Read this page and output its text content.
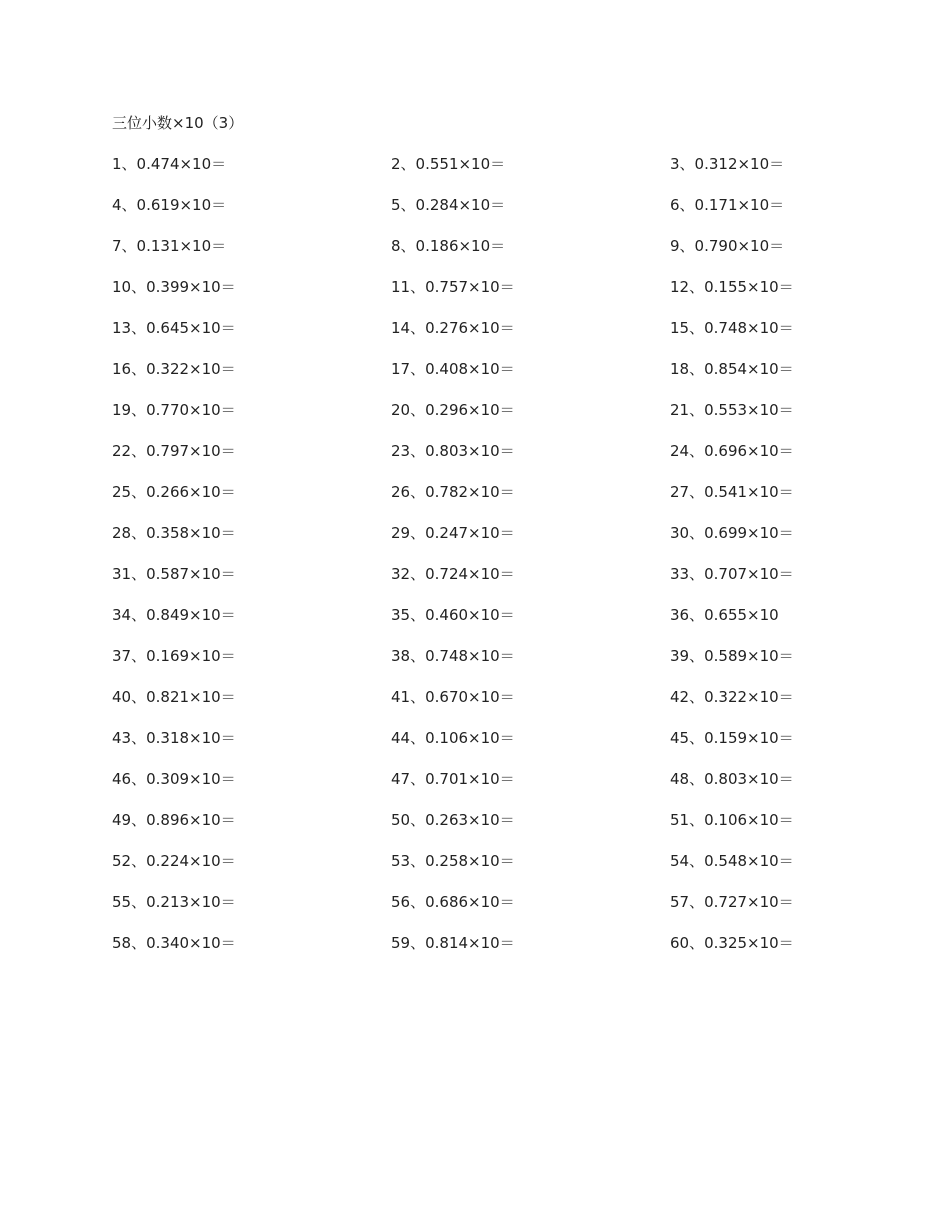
三位小数×10（3）
1、0.474×10＝	2、0.551×10＝	3、0.312×10＝
4、0.619×10＝	5、0.284×10＝	6、0.171×10＝
7、0.131×10＝	8、0.186×10＝	9、0.790×10＝
10、0.399×10＝	11、0.757×10＝	12、0.155×10＝
13、0.645×10＝	14、0.276×10＝	15、0.748×10＝
16、0.322×10＝	17、0.408×10＝	18、0.854×10＝
19、0.770×10＝	20、0.296×10＝	21、0.553×10＝
22、0.797×10＝	23、0.803×10＝	24、0.696×10＝
25、0.266×10＝	26、0.782×10＝	27、0.541×10＝
28、0.358×10＝	29、0.247×10＝	30、0.699×10＝
31、0.587×10＝	32、0.724×10＝	33、0.707×10＝
34、0.849×10＝	35、0.460×10＝	36、0.655×10
37、0.169×10＝	38、0.748×10＝	39、0.589×10＝
40、0.821×10＝	41、0.670×10＝	42、0.322×10＝
43、0.318×10＝	44、0.106×10＝	45、0.159×10＝
46、0.309×10＝	47、0.701×10＝	48、0.803×10＝
49、0.896×10＝	50、0.263×10＝	51、0.106×10＝
52、0.224×10＝	53、0.258×10＝	54、0.548×10＝
55、0.213×10＝	56、0.686×10＝	57、0.727×10＝
58、0.340×10＝	59、0.814×10＝	60、0.325×10＝
